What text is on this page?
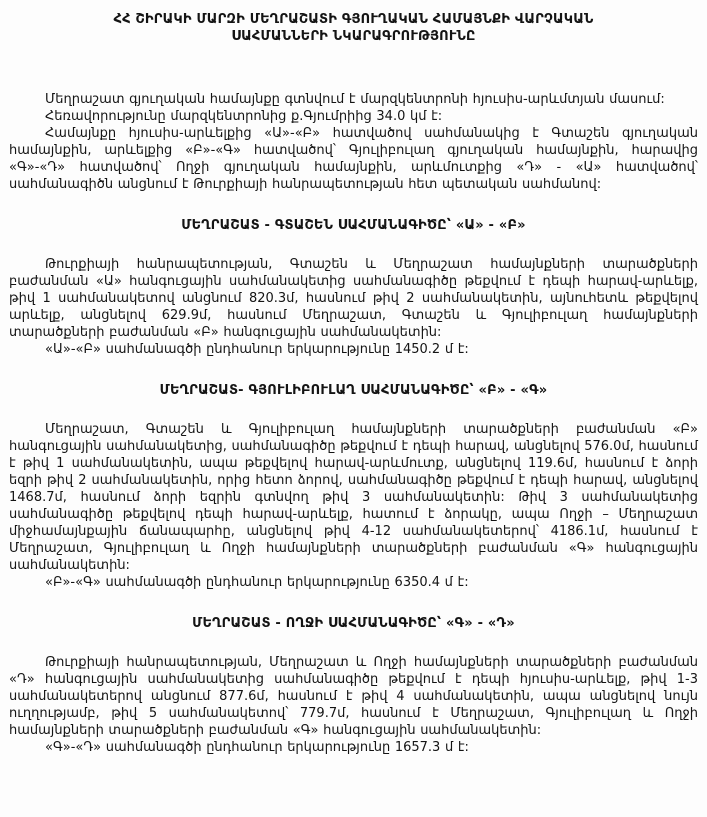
ՀՀ ՇԻՐԱԿԻ ՄԱՐԶԻ ՄԵՂՐԱՇԱՏԻ ԳՅՈՒՂԱԿԱՆ ՀԱՄԱՅՆՔԻ ՎԱՐՉԱԿԱՆ
ՍԱՀՄԱՆՆԵՐԻ ՆԿԱՐԱԳՐՈՒԹՅՈՒՆԸ

Մեղրաշատ գյուղական համայնքը գտնվում է մարզկենտրոնի հյուսիս-արևմտյան մասում:

Հեռավորությունը մարզկենտրոնից ք.Գյումրիից 34.0 կմ է:

Համայնքը հյուսիս-արևելքից «Ա»-«Բ» հատվածով սահմանակից է Գտաշեն գյուղական համայնքին, արևելքից «Բ»-«Գ» հատվածով՝ Գյուլիբուլաղ գյուղական համայնքին, հարավից «Գ»-«Դ» հատվածով՝ Ողջի գյուղական համայնքին, արևմուտքից «Դ» - «Ա» հատվածով՝ սահմանագիծն անցնում է Թուրքիայի հանրապետության հետ պետական սահմանով:

ՄԵՂՐԱՇԱՏ - ԳՏԱՇԵՆ ՍԱՀՄԱՆԱԳԻԾԸ՝ «Ա» - «Բ»

Թուրքիայի հանրապետության, Գտաշեն և Մեղրաշատ համայնքների տարածքների բաժանման «Ա» հանգուցային սահմանակետից սահմանագիծը թեքվում է դեպի հարավ-արևելք, թիվ 1 սահմանակետով անցնում 820.3մ, հասնում թիվ 2 սահմանակետին, այնուհետև թեքվելով արևելք, անցնելով 629.9մ, հասնում Մեղրաշատ, Գտաշեն և Գյուլիբուլաղ համայնքների տարածքների բաժանման «Բ» հանգուցային սահմանակետին:

«Ա»-«Բ» սահմանագծի ընդհանուր երկարությունը 1450.2 մ է:

ՄԵՂՐԱՇԱՏ- ԳՅՈՒԼԻԲՈՒԼԱՂ ՍԱՀՄԱՆԱԳԻԾԸ՝ «Բ» - «Գ»

Մեղրաշատ, Գտաշեն և Գյուլիբուլաղ համայնքների տարածքների բաժանման «Բ» հանգուցային սահմանակետից, սահմանագիծը թեքվում է դեպի հարավ, անցնելով 576.0մ, հասնում է թիվ 1 սահմանակետին, ապա թեքվելով հարավ-արևմուտք, անցնելով 119.6մ, հասնում է ձորի եզրի թիվ 2 սահմանակետին, որից հետո ձորով, սահմանագիծը թեքվում է դեպի հարավ, անցնելով 1468.7մ, հասնում ձորի եզրին գտնվող թիվ 3 սահմանակետին: Թիվ 3 սահմանակետից սահմանագիծը թեքվելով դեպի հարավ-արևելք, հատում է ձորակը, ապա Ողջի – Մեղրաշատ միջհամայնքային ճանապարհը, անցնելով թիվ 4-12 սահմանակետերով՝ 4186.1մ, հասնում է Մեղրաշատ, Գյուլիբուլաղ և Ողջի համայնքների տարածքների բաժանման «Գ» հանգուցային սահմանակետին:

«Բ»-«Գ» սահմանագծի ընդհանուր երկարությունը 6350.4 մ է:

ՄԵՂՐԱՇԱՏ - ՈՂՋԻ ՍԱՀՄԱՆԱԳԻԾԸ՝ «Գ» - «Դ»

Թուրքիայի հանրապետության, Մեղրաշատ և Ողջի համայնքների տարածքների բաժանման «Դ» հանգուցային սահմանակետից սահմանագիծը թեքվում է դեպի հյուսիս-արևելք, թիվ 1-3 սահմանակետերով անցնում 877.6մ, հասնում է թիվ 4 սահմանակետին, ապա անցնելով նույն ուղղությամբ, թիվ 5 սահմանակետով՝ 779.7մ, հասնում է Մեղրաշատ, Գյուլիբուլաղ և Ողջի համայնքների տարածքների բաժանման «Գ» հանգուցային սահմանակետին:

«Գ»-«Դ» սահմանագծի ընդհանուր երկարությունը 1657.3 մ է:
